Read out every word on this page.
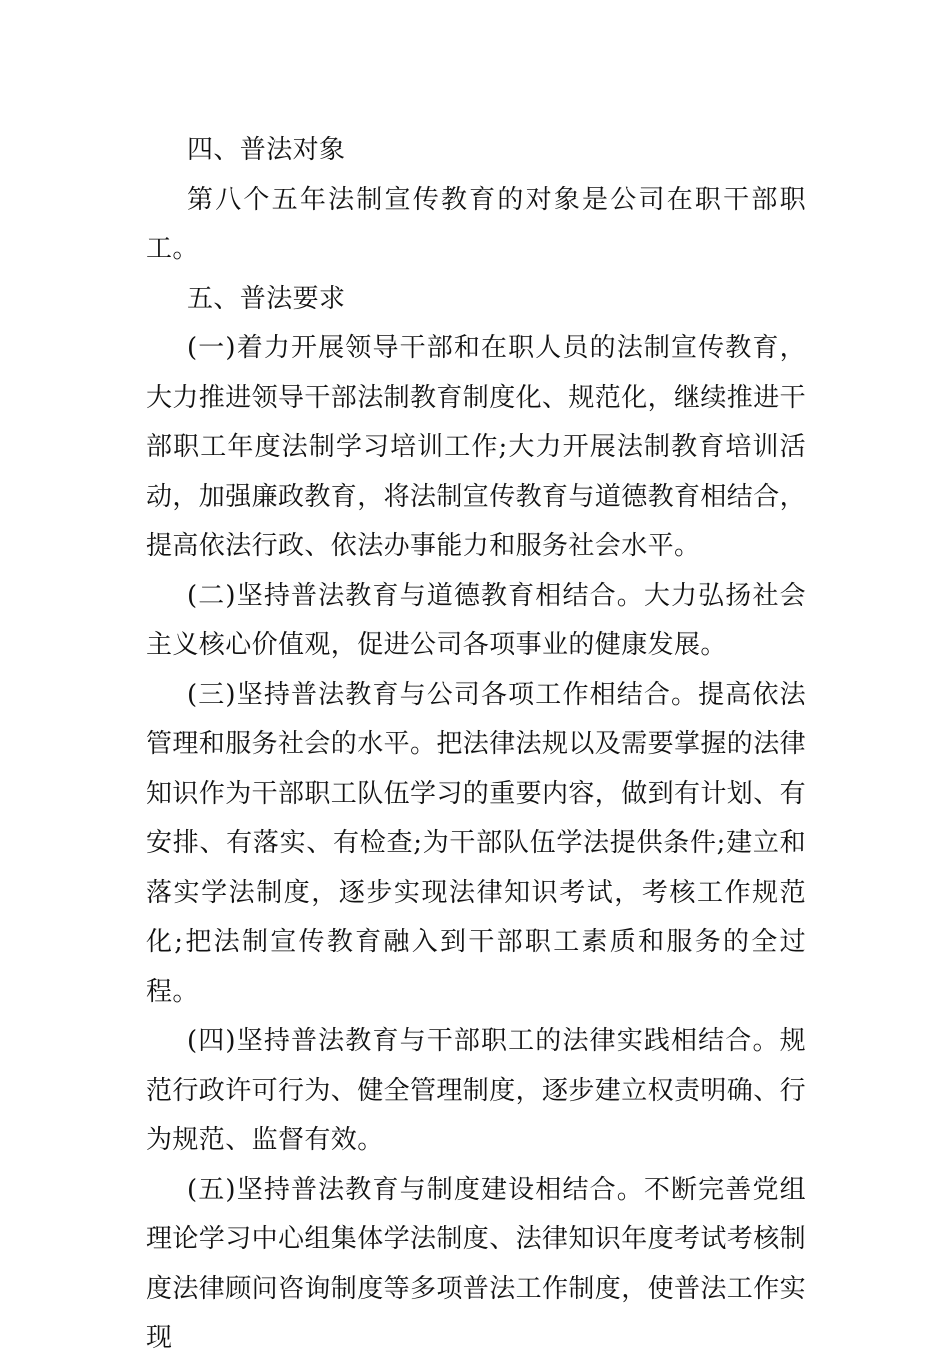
四、普法对象

第八个五年法制宣传教育的对象是公司在职干部职工。

五、普法要求

(一)着力开展领导干部和在职人员的法制宣传教育，大力推进领导干部法制教育制度化、规范化，继续推进干部职工年度法制学习培训工作;大力开展法制教育培训活动，加强廉政教育，将法制宣传教育与道德教育相结合，提高依法行政、依法办事能力和服务社会水平。

(二)坚持普法教育与道德教育相结合。大力弘扬社会主义核心价值观，促进公司各项事业的健康发展。

(三)坚持普法教育与公司各项工作相结合。提高依法管理和服务社会的水平。把法律法规以及需要掌握的法律知识作为干部职工队伍学习的重要内容，做到有计划、有安排、有落实、有检查;为干部队伍学法提供条件;建立和落实学法制度，逐步实现法律知识考试，考核工作规范化;把法制宣传教育融入到干部职工素质和服务的全过程。

(四)坚持普法教育与干部职工的法律实践相结合。规范行政许可行为、健全管理制度，逐步建立权责明确、行为规范、监督有效。

(五)坚持普法教育与制度建设相结合。不断完善党组理论学习中心组集体学法制度、法律知识年度考试考核制度法律顾问咨询制度等多项普法工作制度，使普法工作实现
